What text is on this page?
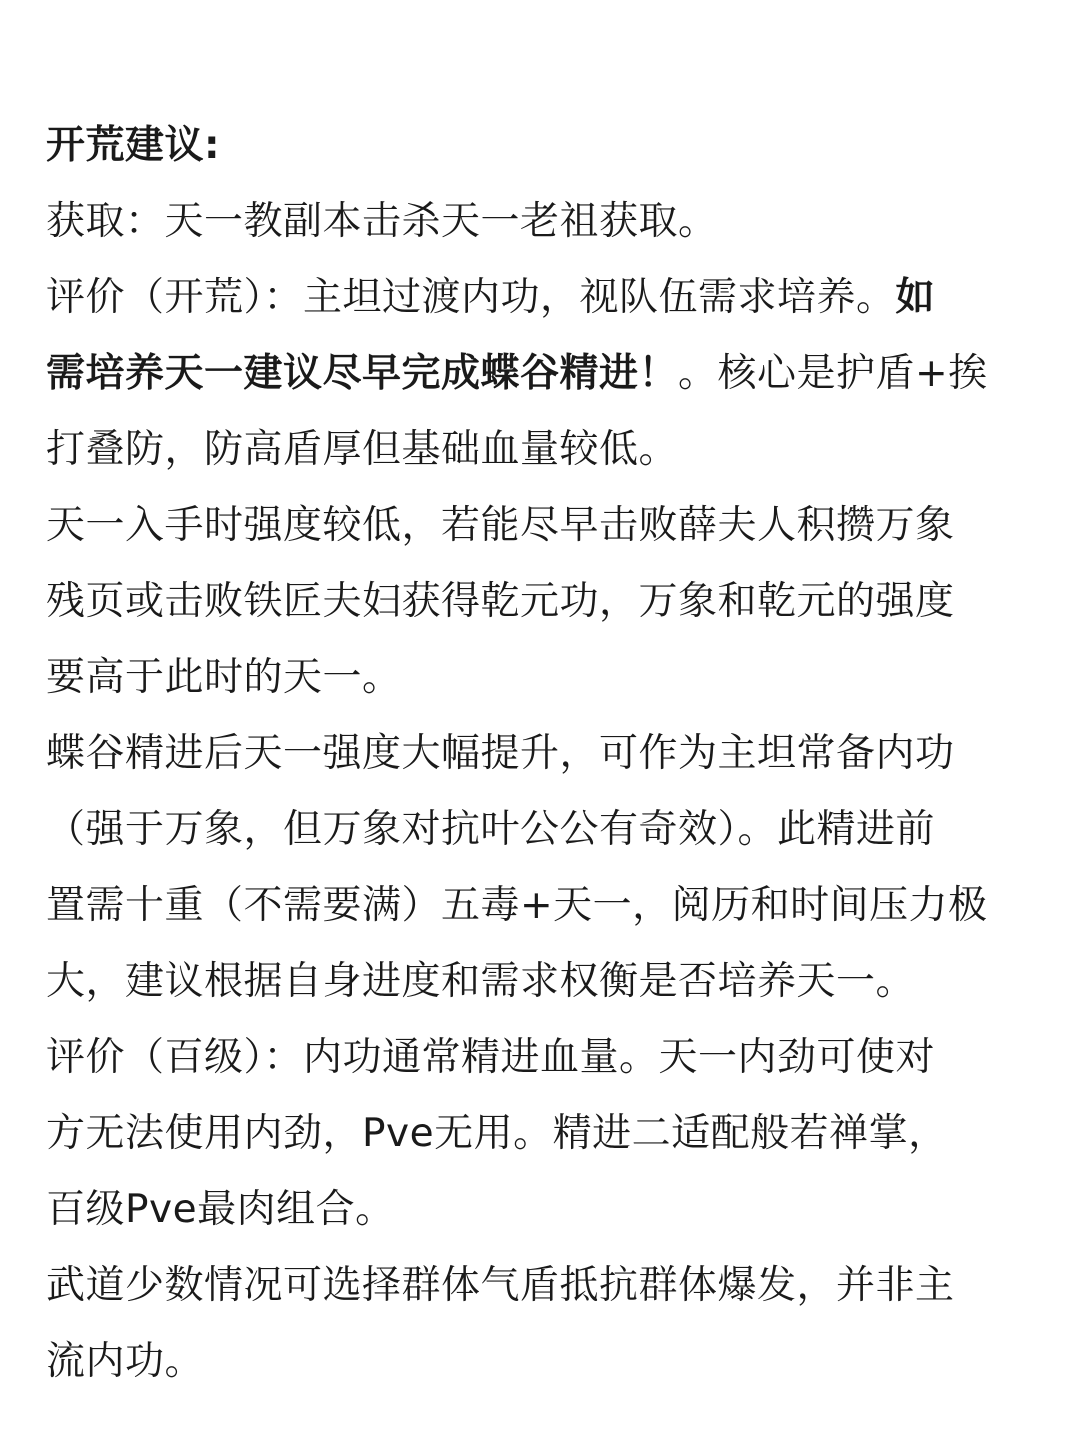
开荒建议:
获取：天一教副本击杀天一老祖获取。
评价（开荒）：主坦过渡内功，视队伍需求培养。如
需培养天一建议尽早完成蝶谷精进！。核心是护盾+挨
打叠防，防高盾厚但基础血量较低。
天一入手时强度较低，若能尽早击败薛夫人积攒万象
残页或击败铁匠夫妇获得乾元功，万象和乾元的强度
要高于此时的天一。
蝶谷精进后天一强度大幅提升，可作为主坦常备内功
（强于万象，但万象对抗叶公公有奇效）。此精进前
置需十重（不需要满）五毒+天一，阅历和时间压力极
大，建议根据自身进度和需求权衡是否培养天一。
评价（百级）：内功通常精进血量。天一内劲可使对
方无法使用内劲，Pve无用。精进二适配般若禅掌，
百级Pve最肉组合。
武道少数情况可选择群体气盾抵抗群体爆发，并非主
流内功。
